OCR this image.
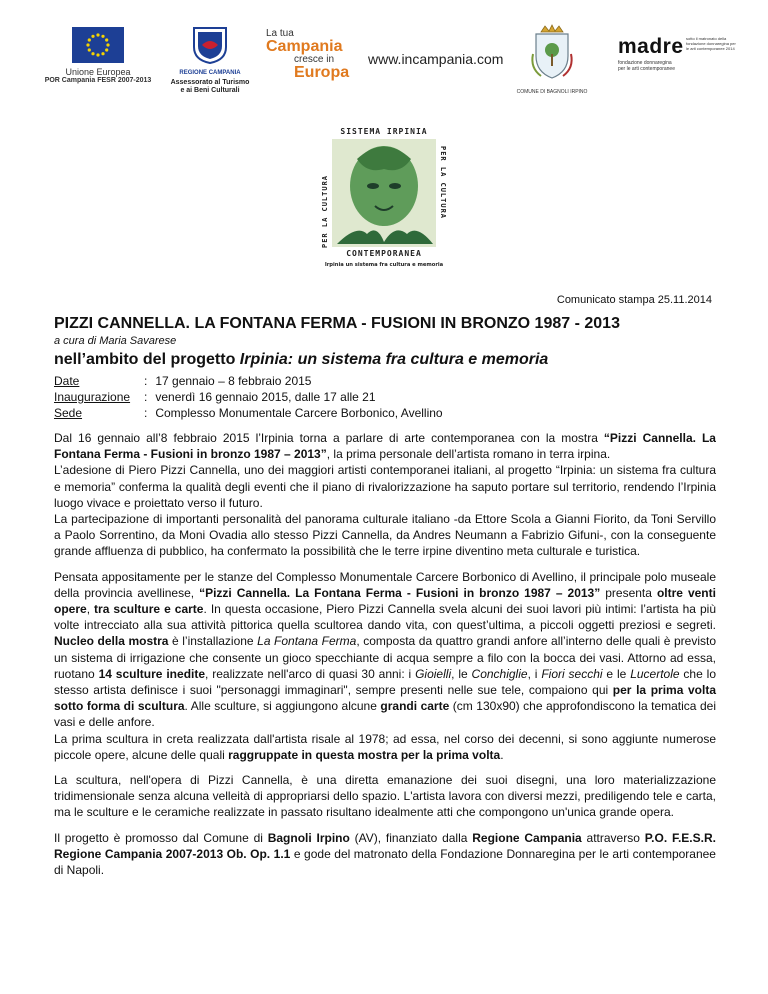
Unione Europea
POR Campania FESR 2007-2013
REGIONE CAMPANIA
Assessorato al Turismo
e ai Beni Culturali
La tua
Campania
cresce in
Europa
www.incampania.com
COMUNE DI BAGNOLI IRPINO
madre
fondazione donnaregina
per le arti contemporanee
sotto il matronato della fondazione donnaregina per le arti contemporanee 2014
SISTEMA IRPINIA
PER LA CULTURA	PER LA CULTURA
CONTEMPORANEA
Irpinia un sistema fra cultura e memoria
Comunicato stampa 25.11.2014
PIZZI CANNELLA. LA FONTANA FERMA - FUSIONI IN BRONZO 1987 - 2013
a cura di Maria Savarese
nell’ambito del progetto Irpinia: un sistema fra cultura e memoria
Date	:	17 gennaio – 8 febbraio 2015
Inaugurazione	:	venerdì 16 gennaio 2015, dalle 17 alle 21
Sede	:	Complesso Monumentale Carcere Borbonico, Avellino

Dal 16 gennaio all’8 febbraio 2015 l’Irpinia torna a parlare di arte contemporanea con la mostra “Pizzi Cannella. La Fontana Ferma - Fusioni in bronzo 1987 – 2013”, la prima personale dell’artista romano in terra irpina.
L’adesione di Piero Pizzi Cannella, uno dei maggiori artisti contemporanei italiani, al progetto “Irpinia: un sistema fra cultura e memoria” conferma la qualità degli eventi che il piano di rivalorizzazione ha saputo portare sul territorio, rendendo l’Irpinia luogo vivace e proiettato verso il futuro.
La partecipazione di importanti personalità del panorama culturale italiano -da Ettore Scola a Gianni Fiorito, da Toni Servillo a Paolo Sorrentino, da Moni Ovadia allo stesso Pizzi Cannella, da Andres Neumann a Fabrizio Gifuni-, con la conseguente grande affluenza di pubblico, ha confermato la possibilità che le terre irpine diventino meta culturale e turistica.

Pensata appositamente per le stanze del Complesso Monumentale Carcere Borbonico di Avellino, il principale polo museale della provincia avellinese, “Pizzi Cannella. La Fontana Ferma - Fusioni in bronzo 1987 – 2013” presenta oltre venti opere, tra sculture e carte. In questa occasione, Piero Pizzi Cannella svela alcuni dei suoi lavori più intimi: l’artista ha più volte intrecciato alla sua attività pittorica quella scultorea dando vita, con quest’ultima, a piccoli oggetti preziosi e segreti. Nucleo della mostra è l’installazione La Fontana Ferma, composta da quattro grandi anfore all’interno delle quali è previsto un sistema di irrigazione che consente un gioco specchiante di acqua sempre a filo con la bocca dei vasi. Attorno ad essa, ruotano 14 sculture inedite, realizzate nell'arco di quasi 30 anni: i Gioielli, le Conchiglie, i Fiori secchi e le Lucertole che lo stesso artista definisce i suoi "personaggi immaginari", sempre presenti nelle sue tele, compaiono qui per la prima volta sotto forma di scultura. Alle sculture, si aggiungono alcune grandi carte (cm 130x90) che approfondiscono la tematica dei vasi e delle anfore.
La prima scultura in creta realizzata dall'artista risale al 1978; ad essa, nel corso dei decenni, si sono aggiunte numerose piccole opere, alcune delle quali raggruppate in questa mostra per la prima volta.

La scultura, nell'opera di Pizzi Cannella, è una diretta emanazione dei suoi disegni, una loro materializzazione tridimensionale senza alcuna velleità di appropriarsi dello spazio. L'artista lavora con diversi mezzi, prediligendo tele e carta, ma le sculture e le ceramiche realizzate in passato risultano idealmente atti che compongono un'unica grande opera.

Il progetto è promosso dal Comune di Bagnoli Irpino (AV), finanziato dalla Regione Campania attraverso P.O. F.E.S.R. Regione Campania 2007-2013 Ob. Op. 1.1 e gode del matronato della Fondazione Donnaregina per le arti contemporanee di Napoli.
